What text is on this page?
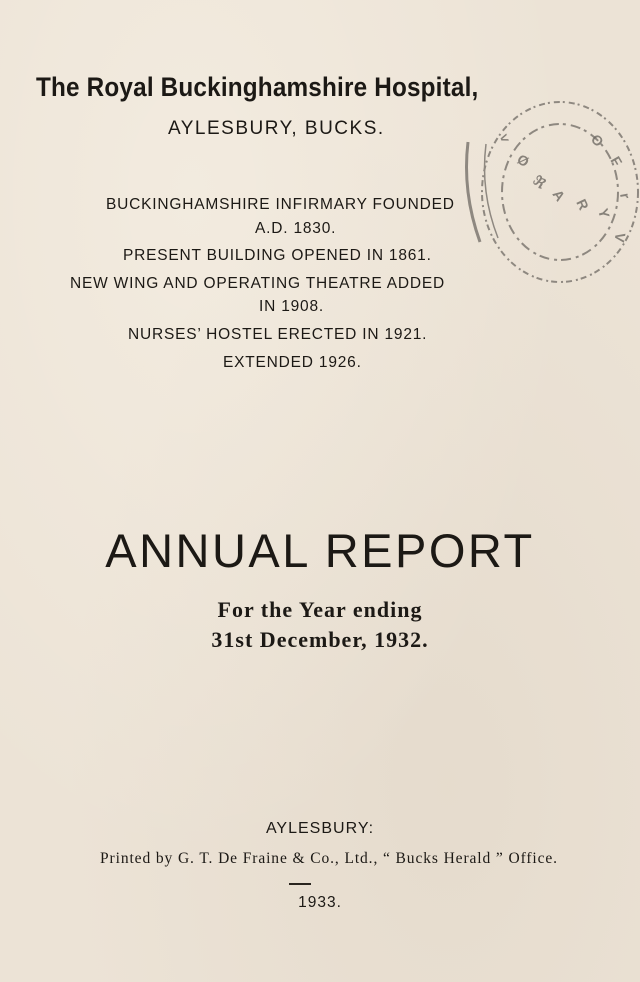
The Royal Buckinghamshire Hospital,
AYLESBURY, BUCKS.
BUCKINGHAMSHIRE INFIRMARY FOUNDED
A.D. 1830.
PRESENT BUILDING OPENED IN 1861.
NEW WING AND OPERATING THEATRE ADDED
IN 1908.
NURSES’ HOSTEL ERECTED IN 1921.
EXTENDED 1926.
ANNUAL REPORT
For the Year ending
31st December, 1932.
AYLESBURY:
Printed by G. T. De Fraine & Co., Ltd., “ Bucks Herald ” Office.
1933.
<
Ø
ℜ
A
R
Y
O
F
r
V
